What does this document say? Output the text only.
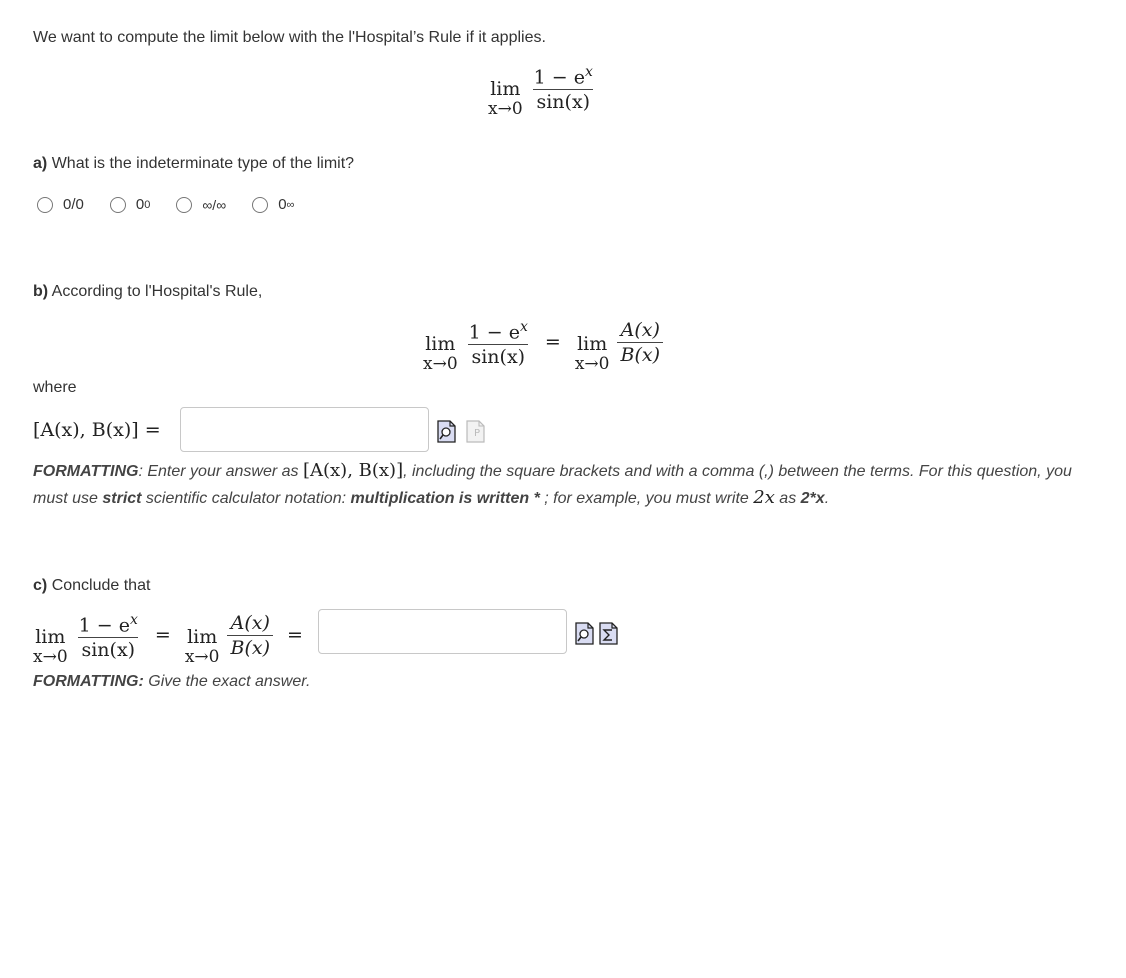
We want to compute the limit below with the l'Hospital’s Rule if it applies.
lim
$x\to 0 \frac{1 - e^x}{\sin(x)}$
a) What is the indeterminate type of the limit?
0/0	0 0	∞/∞	0 ∞
b) According to l'Hospital's Rule,
lim
$x\to 0 \frac{1 - e^x}{\sin(x)} = \lim$
$x\to 0 \frac{A(x)}{B(x)}$
where
[A(x), B(x)] =	P
FORMATTING: Enter your answer as [A(x), B(x)], including the square brackets and with a comma (,) between the terms. For this question, you must use strict scientific calculator notation: multiplication is written * ; for example, you must write 2x as 2*x.
c) Conclude that
lim
$x\to 0 \frac{1 - e^x}{\sin(x)} = \lim$
$x\to 0 \frac{A(x)}{B(x)}$ =
FORMATTING: Give the exact answer.
